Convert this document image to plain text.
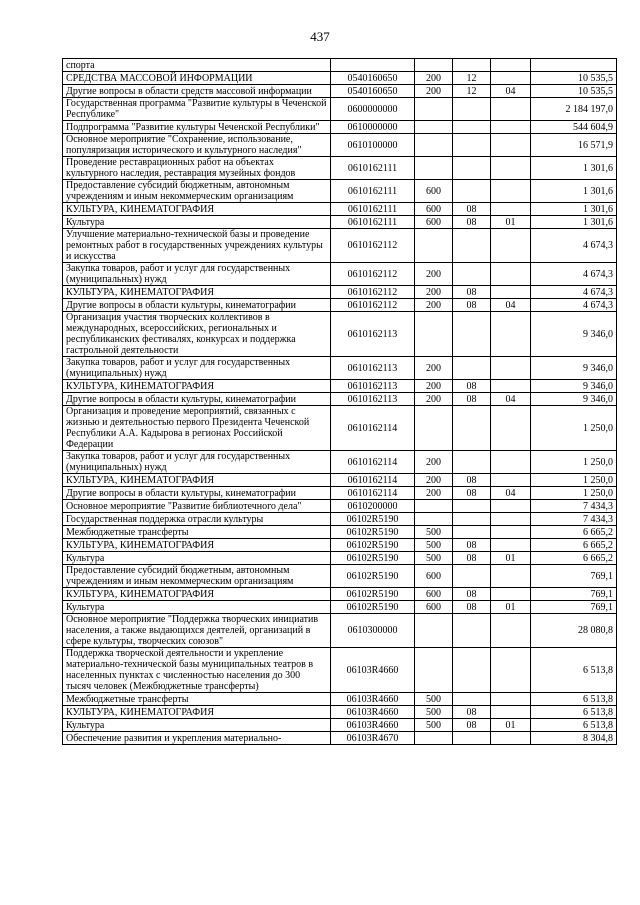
437
спорта					
СРЕДСТВА МАССОВОЙ ИНФОРМАЦИИ	0540160650	200	12		10 535,5
Другие вопросы в области средств массовой информации	0540160650	200	12	04	10 535,5
Государственная программа "Развитие культуры в Чеченской Республике"	0600000000				2 184 197,0
Подпрограмма "Развитие культуры Чеченской Республики"	0610000000				544 604,9
Основное мероприятие "Сохранение, использование, популяризация исторического и культурного наследия"	0610100000				16 571,9
Проведение реставрационных работ на объектах культурного наследия, реставрация музейных фондов	0610162111				1 301,6
Предоставление субсидий бюджетным, автономным учреждениям и иным некоммерческим организациям	0610162111	600			1 301,6
КУЛЬТУРА, КИНЕМАТОГРАФИЯ	0610162111	600	08		1 301,6
Культура	0610162111	600	08	01	1 301,6
Улучшение материально-технической базы и проведение ремонтных работ в государственных учреждениях культуры и искусства	0610162112				4 674,3
Закупка товаров, работ и услуг для государственных (муниципальных) нужд	0610162112	200			4 674,3
КУЛЬТУРА, КИНЕМАТОГРАФИЯ	0610162112	200	08		4 674,3
Другие вопросы в области культуры, кинематографии	0610162112	200	08	04	4 674,3
Организация участия творческих коллективов в международных, всероссийских, региональных и республиканских фестивалях, конкурсах и поддержка гастрольной деятельности	0610162113				9 346,0
Закупка товаров, работ и услуг для государственных (муниципальных) нужд	0610162113	200			9 346,0
КУЛЬТУРА, КИНЕМАТОГРАФИЯ	0610162113	200	08		9 346,0
Другие вопросы в области культуры, кинематографии	0610162113	200	08	04	9 346,0
Организация и проведение мероприятий, связанных с жизнью и деятельностью первого Президента Чеченской Республики А.А. Кадырова в регионах Российской Федерации	0610162114				1 250,0
Закупка товаров, работ и услуг для государственных (муниципальных) нужд	0610162114	200			1 250,0
КУЛЬТУРА, КИНЕМАТОГРАФИЯ	0610162114	200	08		1 250,0
Другие вопросы в области культуры, кинематографии	0610162114	200	08	04	1 250,0
Основное мероприятие "Развитие библиотечного дела"	0610200000				7 434,3
Государственная поддержка отрасли культуры	06102R5190				7 434,3
Межбюджетные трансферты	06102R5190	500			6 665,2
КУЛЬТУРА, КИНЕМАТОГРАФИЯ	06102R5190	500	08		6 665,2
Культура	06102R5190	500	08	01	6 665,2
Предоставление субсидий бюджетным, автономным учреждениям и иным некоммерческим организациям	06102R5190	600			769,1
КУЛЬТУРА, КИНЕМАТОГРАФИЯ	06102R5190	600	08		769,1
Культура	06102R5190	600	08	01	769,1
Основное мероприятие "Поддержка творческих инициатив населения, а также выдающихся деятелей, организаций в сфере культуры, творческих союзов"	0610300000				28 080,8
Поддержка творческой деятельности и укрепление материально-технической базы муниципальных театров в населенных пунктах с численностью населения до 300 тысяч человек (Межбюджетные трансферты)	06103R4660				6 513,8
Межбюджетные трансферты	06103R4660	500			6 513,8
КУЛЬТУРА, КИНЕМАТОГРАФИЯ	06103R4660	500	08		6 513,8
Культура	06103R4660	500	08	01	6 513,8
Обеспечение развития и укрепления материально-	06103R4670				8 304,8
